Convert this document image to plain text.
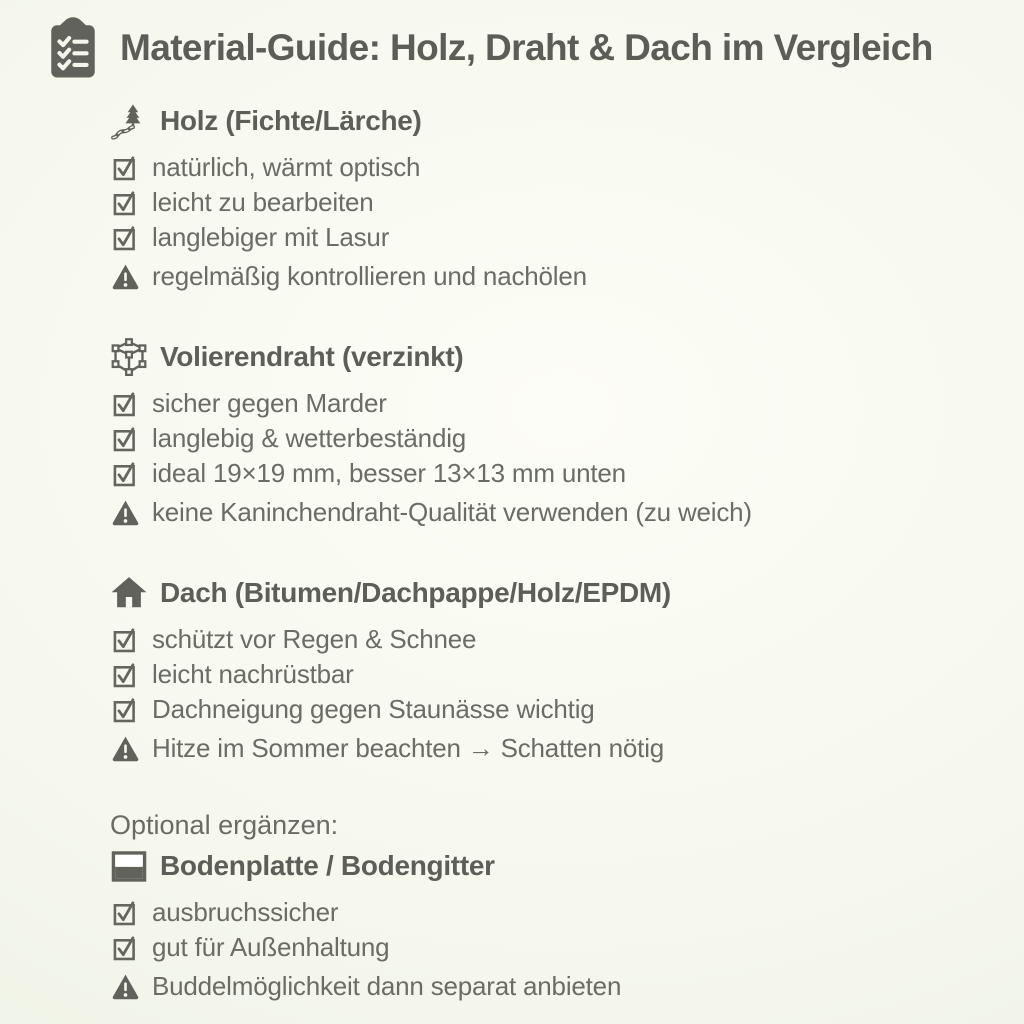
Material-Guide: Holz, Draht & Dach im Vergleich
Holz (Fichte/Lärche)
natürlich, wärmt optisch
leicht zu bearbeiten
langlebiger mit Lasur
regelmäßig kontrollieren und nachölen
Volierendraht (verzinkt)
sicher gegen Marder
langlebig & wetterbeständig
ideal 19×19 mm, besser 13×13 mm unten
keine Kaninchendraht-Qualität verwenden (zu weich)
Dach (Bitumen/Dachpappe/Holz/EPDM)
schützt vor Regen & Schnee
leicht nachrüstbar
Dachneigung gegen Staunässe wichtig
Hitze im Sommer beachten → Schatten nötig

Optional ergänzen:

Bodenplatte / Bodengitter
ausbruchssicher
gut für Außenhaltung
Buddelmöglichkeit dann separat anbieten
